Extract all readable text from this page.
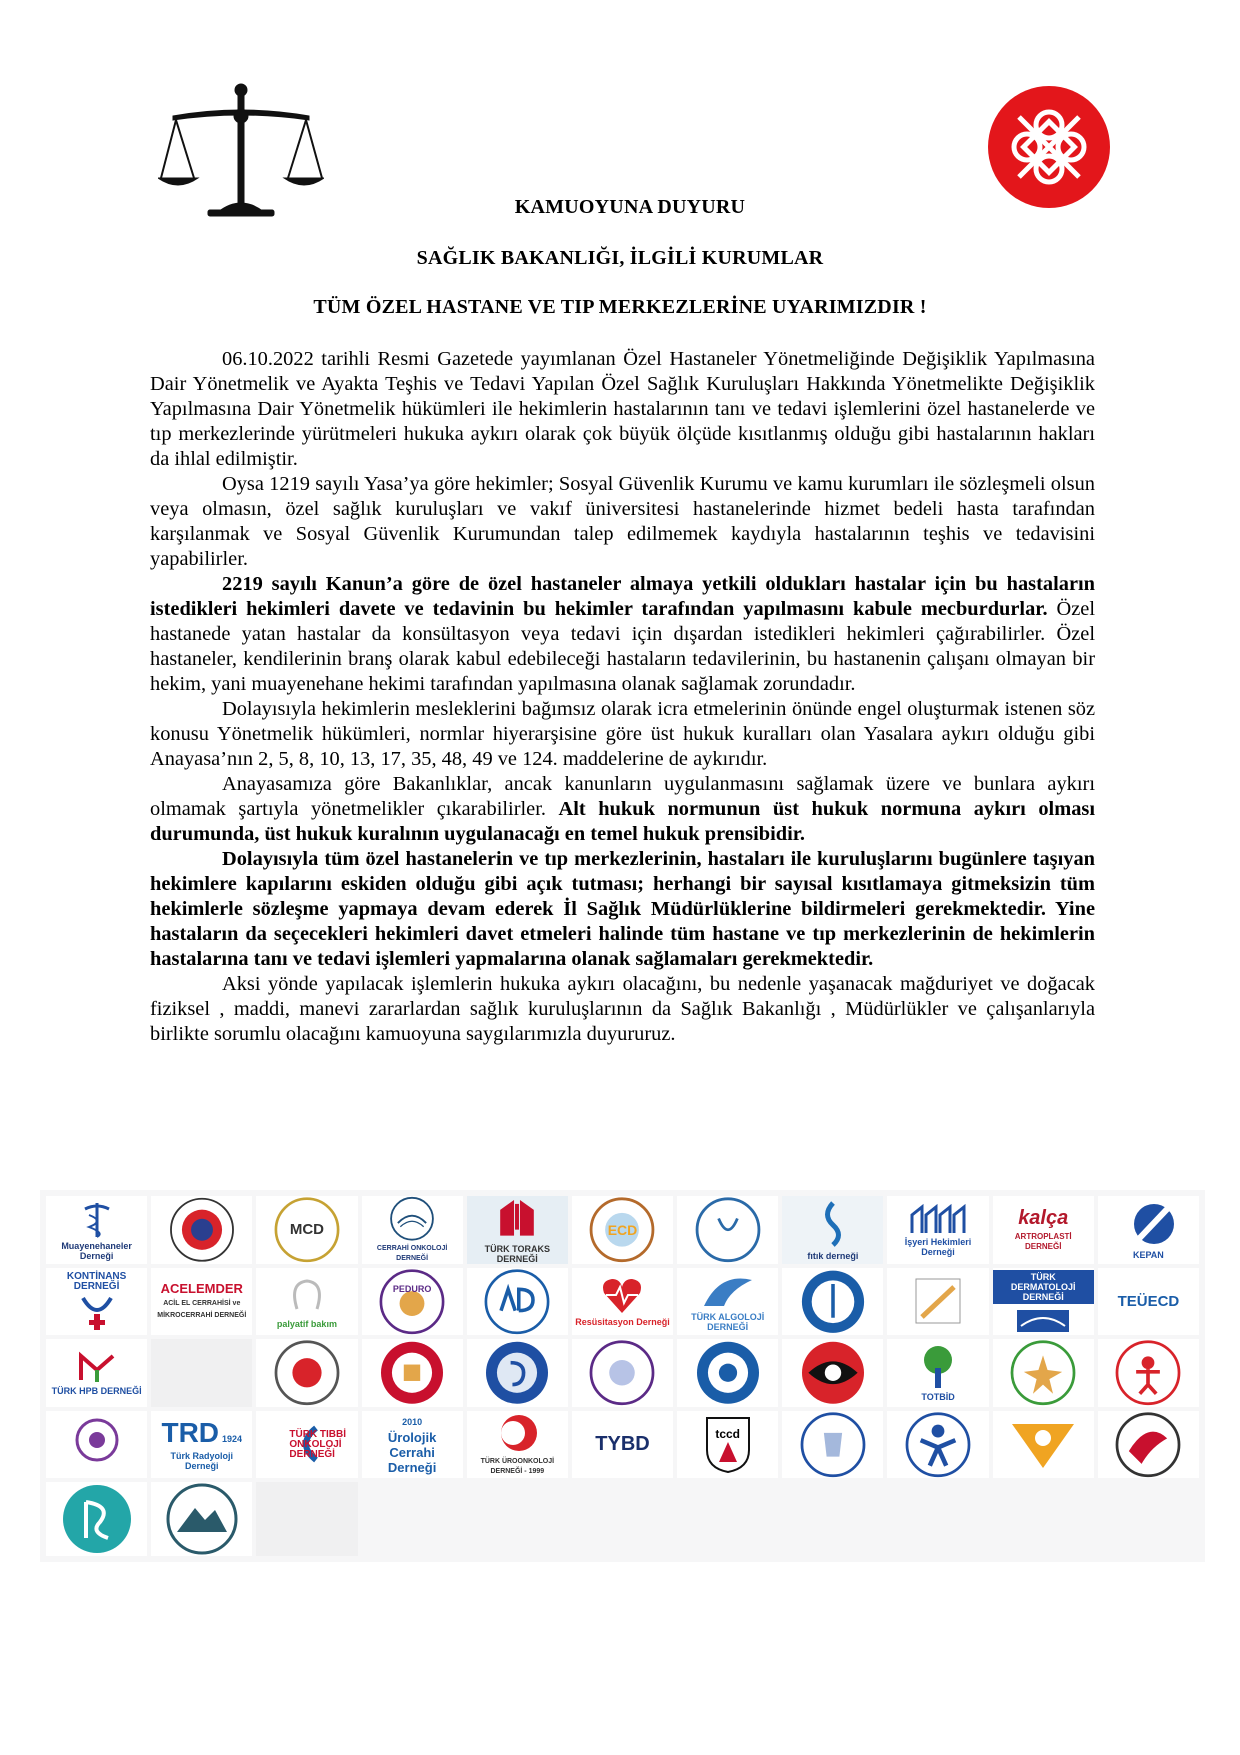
KAMUOYUNA DUYURU
SAĞLIK BAKANLIĞI, İLGİLİ KURUMLAR
TÜM ÖZEL HASTANE VE TIP MERKEZLERİNE UYARIMIZDIR !

06.10.2022 tarihli Resmi Gazetede yayımlanan Özel Hastaneler Yönetmeliğinde Değişiklik Yapılmasına Dair Yönetmelik ve Ayakta Teşhis ve Tedavi Yapılan Özel Sağlık Kuruluşları Hakkında Yönetmelikte Değişiklik Yapılmasına Dair Yönetmelik hükümleri ile hekimlerin hastalarının tanı ve tedavi işlemlerini özel hastanelerde ve tıp merkezlerinde yürütmeleri hukuka aykırı olarak çok büyük ölçüde kısıtlanmış olduğu gibi hastalarının hakları da ihlal edilmiştir.

Oysa 1219 sayılı Yasa’ya göre hekimler; Sosyal Güvenlik Kurumu ve kamu kurumları ile sözleşmeli olsun veya olmasın, özel sağlık kuruluşları ve vakıf üniversitesi hastanelerinde hizmet bedeli hasta tarafından karşılanmak ve Sosyal Güvenlik Kurumundan talep edilmemek kaydıyla hastalarının teşhis ve tedavisini yapabilirler.

2219 sayılı Kanun’a göre de özel hastaneler almaya yetkili oldukları hastalar için bu hastaların istedikleri hekimleri davete ve tedavinin bu hekimler tarafından yapılmasını kabule mecburdurlar. Özel hastanede yatan hastalar da konsültasyon veya tedavi için dışardan istedikleri hekimleri çağırabilirler. Özel hastaneler, kendilerinin branş olarak kabul edebileceği hastaların tedavilerinin, bu hastanenin çalışanı olmayan bir hekim, yani muayenehane hekimi tarafından yapılmasına olanak sağlamak zorundadır.

Dolayısıyla hekimlerin mesleklerini bağımsız olarak icra etmelerinin önünde engel oluşturmak istenen söz konusu Yönetmelik hükümleri, normlar hiyerarşisine göre üst hukuk kuralları olan Yasalara aykırı olduğu gibi Anayasa’nın 2, 5, 8, 10, 13, 17, 35, 48, 49 ve 124. maddelerine de aykırıdır.

Anayasamıza göre Bakanlıklar, ancak kanunların uygulanmasını sağlamak üzere ve bunlara aykırı olmamak şartıyla yönetmelikler çıkarabilirler. Alt hukuk normunun üst hukuk normuna aykırı olması durumunda, üst hukuk kuralının uygulanacağı en temel hukuk prensibidir.

Dolayısıyla tüm özel hastanelerin ve tıp merkezlerinin, hastaları ile kuruluşlarını bugünlere taşıyan hekimlere kapılarını eskiden olduğu gibi açık tutması; herhangi bir sayısal kısıtlamaya gitmeksizin tüm hekimlerle sözleşme yapmaya devam ederek İl Sağlık Müdürlüklerine bildirmeleri gerekmektedir. Yine hastaların da seçecekleri hekimleri davet etmeleri halinde tüm hastane ve tıp merkezlerinin de hekimlerin hastalarına tanı ve tedavi işlemleri yapmalarına olanak sağlamaları gerekmektedir.

Aksi yönde yapılacak işlemlerin hukuka aykırı olacağını, bu nedenle yaşanacak mağduriyet ve doğacak fiziksel , maddi, manevi zararlardan sağlık kuruluşlarının da Sağlık Bakanlığı , Müdürlükler ve çalışanlarıyla birlikte sorumlu olacağını kamuoyuna saygılarımızla duyururuz.

Muayenehaneler Derneği
MCD
CERRAHİ ONKOLOJİ DERNEĞİ
TÜRK TORAKS DERNEĞİ
ECD
fıtık derneği
İşyeri Hekimleri Derneği
kalça
ARTROPLASTİ DERNEĞİ
KEPAN
KONTİNANS DERNEĞİ	ACELEMDER
ACİL EL CERRAHİSİ ve MİKROCERRAHİ DERNEĞİ
palyatif bakım
PEDURO
Resüsitasyon Derneği	TÜRK ALGOLOJİ DERNEĞİ
TÜRK DERMATOLOJİ DERNEĞİ	TEÜECD
TÜRK HPB DERNEĞİ
TOTBİD
TRD 1924
Türk Radyoloji Derneği
TÜRK TIBBİ ONKOLOJİ DERNEĞİ
2010
Ürolojik Cerrahi Derneği	TÜRK ÜROONKOLOJİ DERNEĞİ - 1999
TYBD	tccd
